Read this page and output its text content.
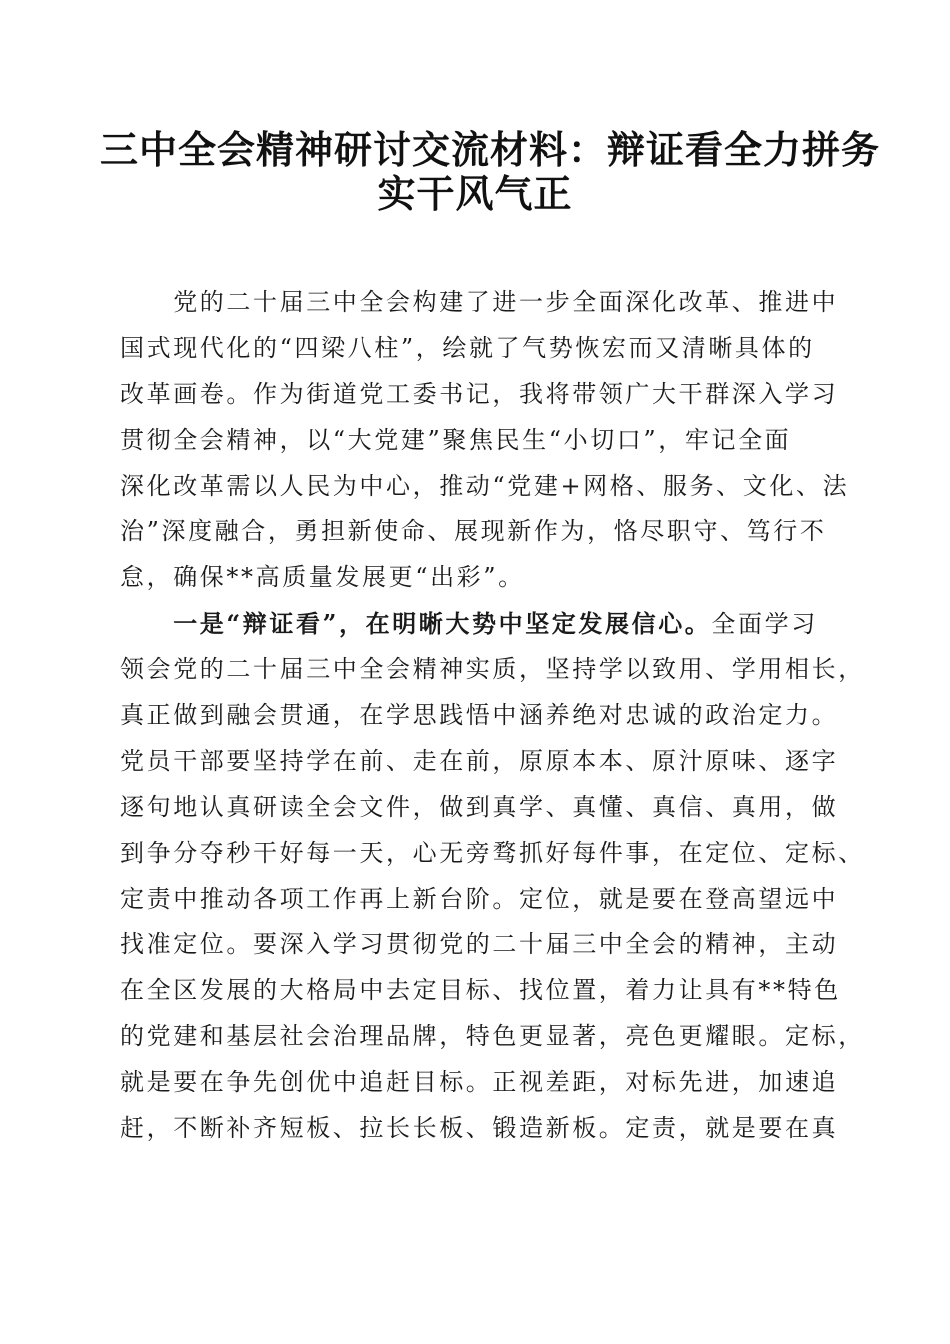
三中全会精神研讨交流材料：辩证看全力拼务
实干风气正
　　党的二十届三中全会构建了进一步全面深化改革、推进中
国式现代化的“四梁八柱”，绘就了气势恢宏而又清晰具体的
改革画卷。作为街道党工委书记，我将带领广大干群深入学习
贯彻全会精神，以“大党建”聚焦民生“小切口”，牢记全面
深化改革需以人民为中心，推动“党建+网格、服务、文化、法
治”深度融合，勇担新使命、展现新作为，恪尽职守、笃行不
怠，确保**高质量发展更“出彩”。
　　一是“辩证看”，在明晰大势中坚定发展信心。全面学习
领会党的二十届三中全会精神实质，坚持学以致用、学用相长，
真正做到融会贯通，在学思践悟中涵养绝对忠诚的政治定力。
党员干部要坚持学在前、走在前，原原本本、原汁原味、逐字
逐句地认真研读全会文件，做到真学、真懂、真信、真用，做
到争分夺秒干好每一天，心无旁骛抓好每件事，在定位、定标、
定责中推动各项工作再上新台阶。定位，就是要在登高望远中
找准定位。要深入学习贯彻党的二十届三中全会的精神，主动
在全区发展的大格局中去定目标、找位置，着力让具有**特色
的党建和基层社会治理品牌，特色更显著，亮色更耀眼。定标，
就是要在争先创优中追赶目标。正视差距，对标先进，加速追
赶，不断补齐短板、拉长长板、锻造新板。定责，就是要在真
